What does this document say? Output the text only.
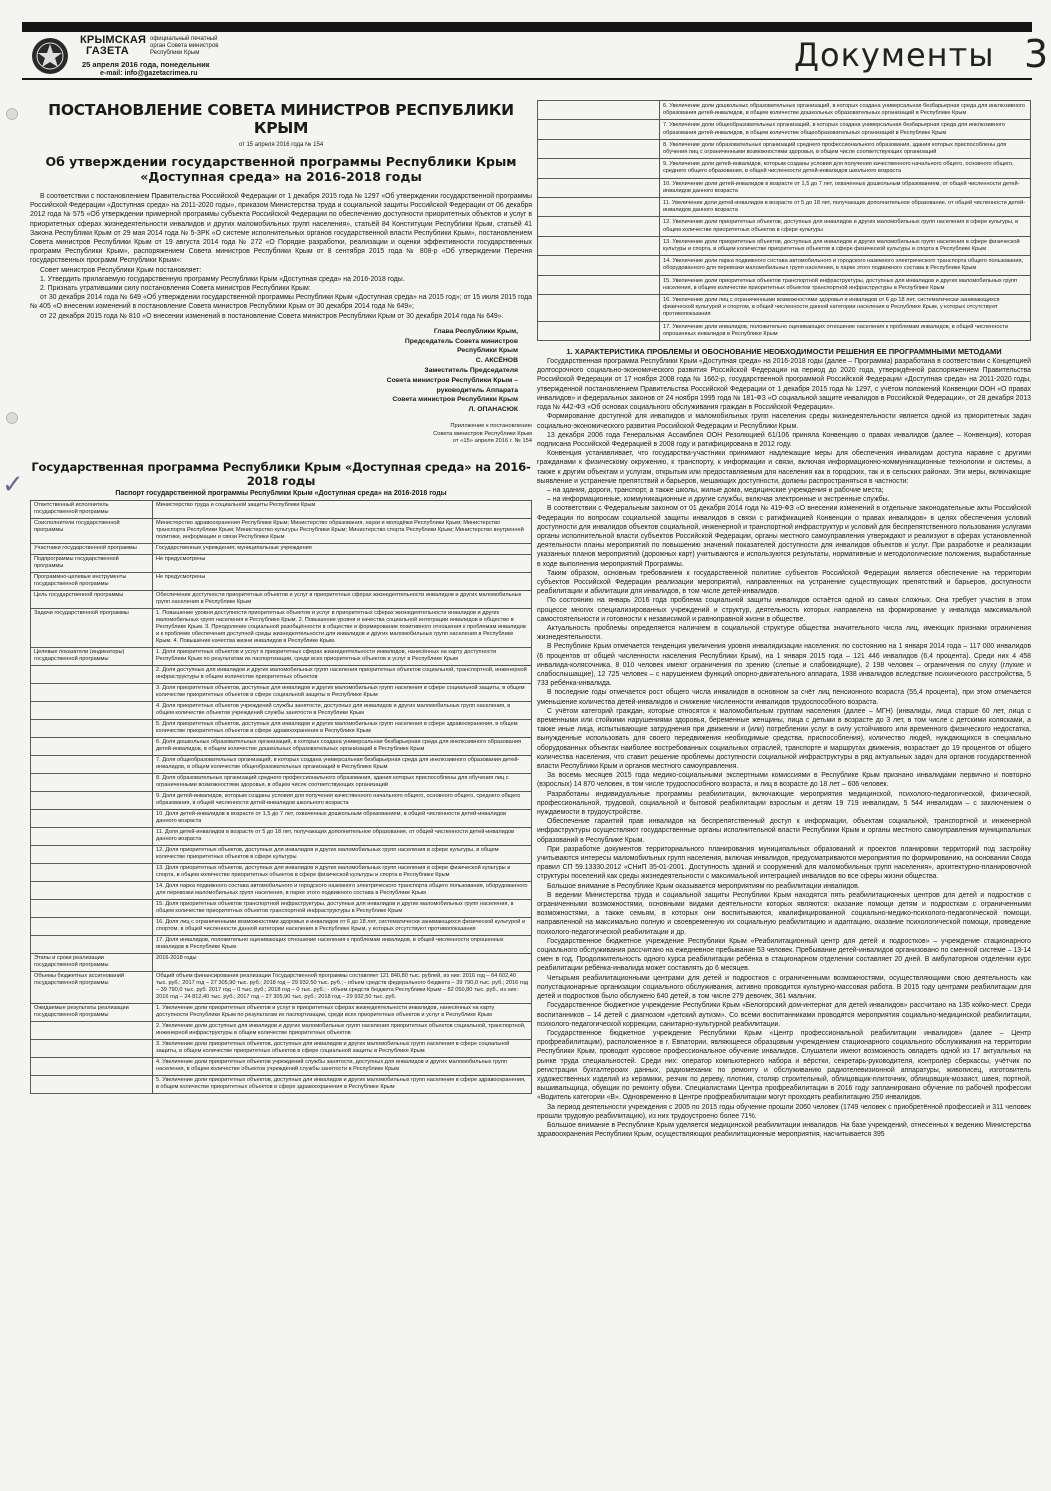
КРЫМСКАЯ
ГАЗЕТА
официальный печатный орган Совета министров Республики Крым
25 апреля 2016 года, понедельник
e-mail: info@gazetacrimea.ru	Документы 3
✓
ПОСТАНОВЛЕНИЕ СОВЕТА МИНИСТРОВ РЕСПУБЛИКИ КРЫМ
от 15 апреля 2016 года № 154
Об утверждении государственной программы Республики Крым «Доступная среда» на 2016-2018 годы

В соответствии с постановлением Правительства Российской Федерации от 1 декабря 2015 года № 1297 «Об утверждении государственной программы Российской Федерации «Доступная среда» на 2011-2020 годы», приказом Министерства труда и социальной защиты Российской Федерации от 06 декабря 2012 года № 575 «Об утверждении примерной программы субъекта Российской Федерации по обеспечению доступности приоритетных объектов и услуг в приоритетных сферах жизнедеятельности инвалидов и других маломобильных групп населения», статьёй 84 Конституции Республики Крым, статьёй 41 Закона Республики Крым от 29 мая 2014 года № 5-ЗРК «О системе исполнительных органов государственной власти Республики Крым», постановлением Совета министров Республики Крым от 19 августа 2014 года № 272 «О Порядке разработки, реализации и оценки эффективности государственных программ Республики Крым», распоряжением Совета министров Республики Крым от 8 сентября 2015 года № 808-р «Об утверждении Перечня государственных программ Республики Крым»:

Совет министров Республики Крым постановляет:

1. Утвердить прилагаемую государственную программу Республики Крым «Доступная среда» на 2016-2018 годы.

2. Признать утратившими силу постановления Совета министров Республики Крым:

от 30 декабря 2014 года № 649 «Об утверждении государственной программы Республики Крым «Доступная среда» на 2015 год»; от 15 июля 2015 года № 405 «О внесении изменений в постановление Совета министров Республики Крым от 30 декабря 2014 года № 649»;

от 22 декабря 2015 года № 810 «О внесении изменений в постановление Совета министров Республики Крым от 30 декабря 2014 года № 649».

Глава Республики Крым,
Председатель Совета министров
Республики Крым
С. АКСЁНОВ
Заместитель Председателя
Совета министров Республики Крым –
руководитель Аппарата
Совета министров Республики Крым
Л. ОПАНАСЮК
Приложение к постановлению
Совета министров Республики Крым
от «15» апреля 2016 г. № 154
Государственная программа Республики Крым «Доступная среда» на 2016-2018 годы
Паспорт государственной программы Республики Крым «Доступная среда» на 2016-2018 годы
Ответственный исполнитель государственной программы	Министерство труда и социальной защиты Республики Крым
Соисполнители государственной программы	Министерство здравоохранения Республики Крым; Министерство образования, науки и молодёжи Республики Крым; Министерство транспорта Республики Крым; Министерство культуры Республики Крым; Министерство спорта Республики Крым; Министерство внутренней политики, информации и связи Республики Крым
Участники государственной программы	Государственные учреждения; муниципальные учреждения
Подпрограммы государственной программы	Не предусмотрены
Программно-целевые инструменты государственной программы	Не предусмотрены
Цель государственной программы	Обеспечение доступности приоритетных объектов и услуг в приоритетных сферах жизнедеятельности инвалидов и других маломобильных групп населения в Республике Крым
Задачи государственной программы	1. Повышение уровня доступности приоритетных объектов и услуг в приоритетных сферах жизнедеятельности инвалидов и других маломобильных групп населения в Республике Крым. 2. Повышение уровня и качества социальной интеграции инвалидов в общество в Республике Крым. 3. Преодоление социальной разобщённости в обществе и формирование позитивного отношения к проблемам инвалидов и к проблеме обеспечения доступной среды жизнедеятельности для инвалидов и других маломобильных групп населения в Республике Крым. 4. Повышение качества жизни инвалидов в Республике Крым.
Целевые показатели (индикаторы) государственной программы	1. Доля приоритетных объектов и услуг в приоритетных сферах жизнедеятельности инвалидов, нанесённых на карту доступности Республики Крым по результатам их паспортизации, среди всех приоритетных объектов и услуг в Республике Крым
	2. Доля доступных для инвалидов и других маломобильных групп населения приоритетных объектов социальной, транспортной, инженерной инфраструктуры в общем количестве приоритетных объектов
	3. Доля приоритетных объектов, доступных для инвалидов и других маломобильных групп населения в сфере социальной защиты, в общем количестве приоритетных объектов в сфере социальной защиты в Республике Крым
	4. Доля приоритетных объектов учреждений службы занятости, доступных для инвалидов и других маломобильных групп населения, в общем количестве объектов учреждений службы занятости в Республике Крым
	5. Доля приоритетных объектов, доступных для инвалидов и других маломобильных групп населения в сфере здравоохранения, в общем количестве приоритетных объектов в сфере здравоохранения в Республике Крым
	6. Доля дошкольных образовательных организаций, в которых создана универсальная безбарьерная среда для инклюзивного образования детей-инвалидов, в общем количестве дошкольных образовательных организаций в Республике Крым
	7. Доля общеобразовательных организаций, в которых создана универсальная безбарьерная среда для инклюзивного образования детей-инвалидов, в общем количестве общеобразовательных организаций в Республике Крым
	8. Доля образовательных организаций среднего профессионального образования, здания которых приспособлены для обучения лиц с ограниченными возможностями здоровья, в общем числе соответствующих организаций
	9. Доля детей-инвалидов, которым созданы условия для получения качественного начального общего, основного общего, среднего общего образования, в общей численности детей-инвалидов школьного возраста
	10. Доля детей-инвалидов в возрасте от 1,5 до 7 лет, охваченных дошкольным образованием, в общей численности детей-инвалидов данного возраста
	11. Доля детей-инвалидов в возрасте от 5 до 18 лет, получающих дополнительное образование, от общей численности детей-инвалидов данного возраста
	12. Доля приоритетных объектов, доступных для инвалидов и других маломобильных групп населения в сфере культуры, в общем количестве приоритетных объектов в сфере культуры
	13. Доля приоритетных объектов, доступных для инвалидов и других маломобильных групп населения в сфере физической культуры и спорта, в общем количестве приоритетных объектов в сфере физической культуры и спорта в Республике Крым
	14. Доля парка подвижного состава автомобильного и городского наземного электрического транспорта общего пользования, оборудованного для перевозки маломобильных групп населения, в парке этого подвижного состава в Республике Крым
	15. Доля приоритетных объектов транспортной инфраструктуры, доступных для инвалидов и других маломобильных групп населения, в общем количестве приоритетных объектов транспортной инфраструктуры в Республике Крым
	16. Доля лиц с ограниченными возможностями здоровья и инвалидов от 6 до 18 лет, систематически занимающихся физической культурой и спортом, в общей численности данной категории населения в Республике Крым, у которых отсутствуют противопоказания
	17. Доля инвалидов, положительно оценивающих отношение населения к проблемам инвалидов, в общей численности опрошенных инвалидов в Республике Крым
Этапы и сроки реализации государственной программы	2016-2018 годы
Объемы бюджетных ассигнований государственной программы	Общий объем финансирования реализации Государственной программы составляет 121 840,80 тыс. рублей, из них: 2016 год – 64 602,40 тыс. руб.; 2017 год – 27 305,90 тыс. руб.; 2018 год – 29 932,50 тыс. руб.; - объем средств федерального бюджета – 39 790,0 тыс. руб.; 2016 год – 39 790,0 тыс. руб. 2017 год – 0 тыс. руб.; 2018 год – 0 тыс. руб.; - объем средств бюджета Республики Крым – 82 050,80 тыс. руб., из них: 2016 год – 24 812,40 тыс. руб.; 2017 год – 27 305,90 тыс. руб.; 2018 год – 29 932,50 тыс. руб.
Ожидаемые результаты реализации государственной программы	1. Увеличение доли приоритетных объектов и услуг в приоритетных сферах жизнедеятельности инвалидов, нанесённых на карту доступности Республики Крым по результатам их паспортизации, среди всех приоритетных объектов и услуг в Республике Крым
	2. Увеличение доли доступных для инвалидов и других маломобильных групп населения приоритетных объектов социальной, транспортной, инженерной инфраструктуры в общем количестве приоритетных объектов
	3. Увеличение доли приоритетных объектов, доступных для инвалидов и других маломобильных групп населения в сфере социальной защиты, в общем количестве приоритетных объектов в сфере социальной защиты в Республике Крым
	4. Увеличение доли приоритетных объектов учреждений службы занятости, доступных для инвалидов и других маломобильных групп населения, в общем количестве объектов учреждений службы занятости в Республике Крым
	5. Увеличение доли приоритетных объектов, доступных для инвалидов и других маломобильных групп населения в сфере здравоохранения, в общем количестве приоритетных объектов в сфере здравоохранения в Республике Крым
	6. Увеличение доли дошкольных образовательных организаций, в которых создана универсальная безбарьерная среда для инклюзивного образования детей-инвалидов, в общем количестве дошкольных образовательных организаций в Республике Крым
	7. Увеличение доли общеобразовательных организаций, в которых создана универсальная безбарьерная среда для инклюзивного образования детей-инвалидов, в общем количестве общеобразовательных организаций в Республике Крым
	8. Увеличение доли образовательных организаций среднего профессионального образования, здания которых приспособлены для обучения лиц с ограниченными возможностями здоровья, в общем числе соответствующих организаций
	9. Увеличение доли детей-инвалидов, которым созданы условия для получения качественного начального общего, основного общего, среднего общего образования, в общей численности детей-инвалидов школьного возраста
	10. Увеличение доли детей-инвалидов в возрасте от 1,5 до 7 лет, охваченных дошкольным образованием, от общей численности детей-инвалидов данного возраста
	11. Увеличение доли детей-инвалидов в возрасте от 5 до 18 лет, получающих дополнительное образование, от общей численности детей-инвалидов данного возраста
	12. Увеличение доли приоритетных объектов, доступных для инвалидов и других маломобильных групп населения в сфере культуры, в общем количестве приоритетных объектов в сфере культуры
	13. Увеличение доли приоритетных объектов, доступных для инвалидов и других маломобильных групп населения в сфере физической культуры и спорта, в общем количестве приоритетных объектов в сфере физической культуры и спорта в Республике Крым
	14. Увеличение доли парка подвижного состава автомобильного и городского наземного электрического транспорта общего пользования, оборудованного для перевозки маломобильных групп населения, в парке этого подвижного состава в Республике Крым
	15. Увеличение доли приоритетных объектов транспортной инфраструктуры, доступных для инвалидов и других маломобильных групп населения, в общем количестве приоритетных объектов транспортной инфраструктуры в Республике Крым
	16. Увеличение доли лиц с ограниченными возможностями здоровья и инвалидов от 6 до 18 лет, систематически занимающихся физической культурой и спортом, в общей численности данной категории населения в Республике Крым, у которых отсутствуют противопоказания
	17. Увеличение доли инвалидов, положительно оценивающих отношение населения к проблемам инвалидов, в общей численности опрошенных инвалидов в Республике Крым
1. ХАРАКТЕРИСТИКА ПРОБЛЕМЫ И ОБОСНОВАНИЕ НЕОБХОДИМОСТИ РЕШЕНИЯ ЕЕ ПРОГРАММНЫМИ МЕТОДАМИ

Государственная программа Республики Крым «Доступная среда» на 2016-2018 годы (далее – Программа) разработана в соответствии с Концепцией долгосрочного социально-экономического развития Российской Федерации на период до 2020 года, утверждённой распоряжением Правительства Российской Федерации от 17 ноября 2008 года № 1662-р, государственной программой Российской Федерации «Доступная среда» на 2011-2020 годы, утвержденной постановлением Правительства Российской Федерации от 1 декабря 2015 года № 1297, с учётом положений Конвенции ООН «О правах инвалидов» и федеральных законов от 24 ноября 1995 года № 181-ФЗ «О социальной защите инвалидов в Российской Федерации», от 28 декабря 2013 года № 442-ФЗ «Об основах социального обслуживания граждан в Российской Федерации».

Формирование доступной для инвалидов и маломобильных групп населения среды жизнедеятельности является одной из приоритетных задач социально-экономического развития Российской Федерации и Республики Крым.

13 декабря 2006 года Генеральная Ассамблея ООН Резолюцией 61/106 приняла Конвенцию о правах инвалидов (далее – Конвенция), которая подписана Российской Федерацией в 2008 году и ратифицирована в 2012 году.

Конвенция устанавливает, что государства-участники принимают надлежащие меры для обеспечения инвалидам доступа наравне с другими гражданами к физическому окружению, к транспорту, к информации и связи, включая информационно-коммуникационные технологии и системы, а также к другим объектам и услугам, открытым или предоставляемым для населения как в городских, так и в сельских районах. Эти меры, включающие выявление и устранение препятствий и барьеров, мешающих доступности, должны распространяться в частности:

– на здания, дороги, транспорт, а также школы, жилые дома, медицинские учреждения и рабочие места;

– на информационные, коммуникационные и другие службы, включая электронные и экстренные службы.

В соответствии с Федеральным законом от 01 декабря 2014 года № 419-ФЗ «О внесении изменений в отдельные законодательные акты Российской Федерации по вопросам социальной защиты инвалидов в связи с ратификацией Конвенции о правах инвалидов» в целях обеспечения условий доступности для инвалидов объектов социальной, инженерной и транспортной инфраструктур и условий для беспрепятственного пользования услугами органы исполнительной власти субъектов Российской Федерации, органы местного самоуправления утверждают и реализуют в сферах установленной деятельности планы мероприятий по повышению значений показателей доступности для инвалидов объектов и услуг. При разработке и реализации указанных планов мероприятий (дорожных карт) учитываются и используются результаты, нормативные и методологические положения, выработанные в ходе выполнения мероприятий Программы.

Таким образом, основным требованием к государственной политике субъектов Российской Федерации является обеспечение на территории субъектов Российской Федерации реализации мероприятий, направленных на устранение существующих препятствий и барьеров, доступности реабилитации и абилитации для инвалидов, в том числе детей-инвалидов.

По состоянию на январь 2016 года проблема социальной защиты инвалидов остаётся одной из самых сложных. Она требует участия в этом процессе многих специализированных учреждений и структур, деятельность которых направлена на формирование у инвалида максимальной самостоятельности и готовности к независимой и равноправной жизни в обществе.

Актуальность проблемы определяется наличием в социальной структуре общества значительного числа лиц, имеющих признаки ограничения жизнедеятельности.

В Республике Крым отмечается тенденция увеличения уровня инвалидизации населения: по состоянию на 1 января 2014 года – 117 000 инвалидов (6 процентов от общей численности населения Республики Крым), на 1 января 2015 года – 121 446 инвалидов (6,4 процента). Среди них 4 458 инвалида-колясочника, 8 010 человек имеют ограничения по зрению (слепые и слабовидящие), 2 198 человек – ограничения по слуху (глухие и слабослышащие), 12 725 человек – с нарушением функций опорно-двигательного аппарата, 1938 инвалидов вследствие психического расстройства, 5 733 ребёнка-инвалида.

В последние годы отмечается рост общего числа инвалидов в основном за счёт лиц пенсионного возраста (55,4 процента), при этом отмечается уменьшение количества детей-инвалидов и снижение численности инвалидов трудоспособного возраста.

С учётом категорий граждан, которые относятся к маломобильным группам населения (далее – МГН) (инвалиды, лица старше 60 лет, лица с временными или стойкими нарушениями здоровья, беременные женщины, лица с детьми в возрасте до 3 лет, в том числе с детскими колясками, а также иные лица, испытывающие затруднения при движении и (или) потреблении услуг в силу устойчивого или временного физического недостатка, вынужденные использовать для своего передвижения необходимые средства, приспособления), количество людей, нуждающихся в специально оборудованных объектах наиболее востребованных социальных отраслей, транспорте и маршрутах движения, возрастает до 19 процентов от общего количества населения, что ставит решение проблемы доступности социальной инфраструктуры в ряд актуальных задач для органов государственной власти Республики Крым и органов местного самоуправления.

За восемь месяцев 2015 года медико-социальными экспертными комиссиями в Республике Крым признано инвалидами первично и повторно (взрослых) 14 870 человек, в том числе трудоспособного возраста, и лиц в возрасте до 18 лет – 606 человек.

Разработаны индивидуальные программы реабилитации, включающие мероприятия медицинской, психолого-педагогической, физической, профессиональной, трудовой, социальной и бытовой реабилитации взрослым и детям 19 719 инвалидам, 5 544 инвалидам – с заключением о нуждаемости в трудоустройстве.

Обеспечение гарантий прав инвалидов на беспрепятственный доступ к информации, объектам социальной, транспортной и инженерной инфраструктуры осуществляют государственные органы исполнительной власти Республики Крым и органы местного самоуправления муниципальных образований в Республике Крым.

При разработке документов территориального планирования муниципальных образований и проектов планировки территорий под застройку учитываются интересы маломобильных групп населения, включая инвалидов, предусматриваются мероприятия по формированию, на основании Свода правил СП 59.13330.2012 «СНиП 35-01-2001. Доступность зданий и сооружений для маломобильных групп населения», архитектурно-планировочной структуры поселений как среды жизнедеятельности с максимальной интеграцией инвалидов во все сферы жизни общества.

Большое внимание в Республике Крым оказывается мероприятиям по реабилитации инвалидов.

В ведении Министерства труда и социальной защиты Республики Крым находятся пять реабилитационных центров для детей и подростков с ограниченными возможностями, основными видами деятельности которых являются: оказание помощи детям и подросткам с ограниченными возможностями, а также семьям, в которых они воспитываются, квалифицированной социально-медико-психолого-педагогической помощи, направленной на максимально полную и своевременную их социальную реабилитацию и адаптацию, оказание психологической помощи, проведение психолого-педагогической реабилитации и др.

Государственное бюджетное учреждение Республики Крым «Реабилитационный центр для детей и подростков» – учреждение стационарного социального обслуживания рассчитано на ежедневное пребывание 53 человек. Пребывание детей-инвалидов организовано по сменной системе – 13-14 смен в год. Продолжительность одного курса реабилитации ребёнка в стационарном отделении составляет 20 дней. В амбулаторном отделении курс реабилитации ребёнка-инвалида может составлять до 6 месяцев.

Четырьмя реабилитационными центрами для детей и подростков с ограниченными возможностями, осуществляющими свою деятельность как полустационарные организации социального обслуживания, активно проводится культурно-массовая работа. В 2015 году центрами реабилитации для детей и подростков было обслужено 640 детей, в том числе 279 девочек, 361 мальчик.

Государственное бюджетное учреждение Республики Крым «Белогорский дом-интернат для детей инвалидов» рассчитано на 135 койко-мест. Среди воспитанников – 14 детей с диагнозом «детский аутизм». Со всеми воспитанниками проводятся мероприятия социально-медицинской реабилитации, психолого-педагогической коррекции, санитарно-культурной реабилитации.

Государственное бюджетное учреждение Республики Крым «Центр профессиональной реабилитации инвалидов» (далее – Центр профреабилитации), расположенное в г. Евпатории, являющееся образцовым учреждением стационарного социального обслуживания на территории Республики Крым, проводит курсовое профессиональное обучение инвалидов. Слушатели имеют возможность овладеть одной из 17 актуальных на рынке труда специальностей. Среди них: оператор компьютерного набора и вёрстки, секретарь-руководителя, контролёр сберкассы, учётчик по регистрации бухгалтерских данных, радиомеханик по ремонту и обслуживанию радиотелевизионной аппаратуры, живописец, изготовитель художественных изделий из керамики, резчик по дереву, плотник, столяр строительный, облицовщик-плиточник, облицовщик-мозаист, швея, портной, вышивальщица, обувщик по ремонту обуви. Специалистами Центра профреабилитации в 2016 году запланировано обучение по рабочей профессии «Водитель категории «В». Одновременно в Центре профреабилитации могут проходить реабилитацию 250 инвалидов.

За период деятельности учреждения с 2005 по 2015 годы обучение прошли 2060 человек (1749 человек с приобретённой профессией и 311 человек прошли трудовую реабилитацию), из них трудоустроено более 71%.

Большое внимание в Республике Крым уделяется медицинской реабилитации инвалидов. На базе учреждений, отнесенных к ведению Министерства здравоохранения Республики Крым, осуществляющих реабилитационные мероприятия, насчитывается 395
